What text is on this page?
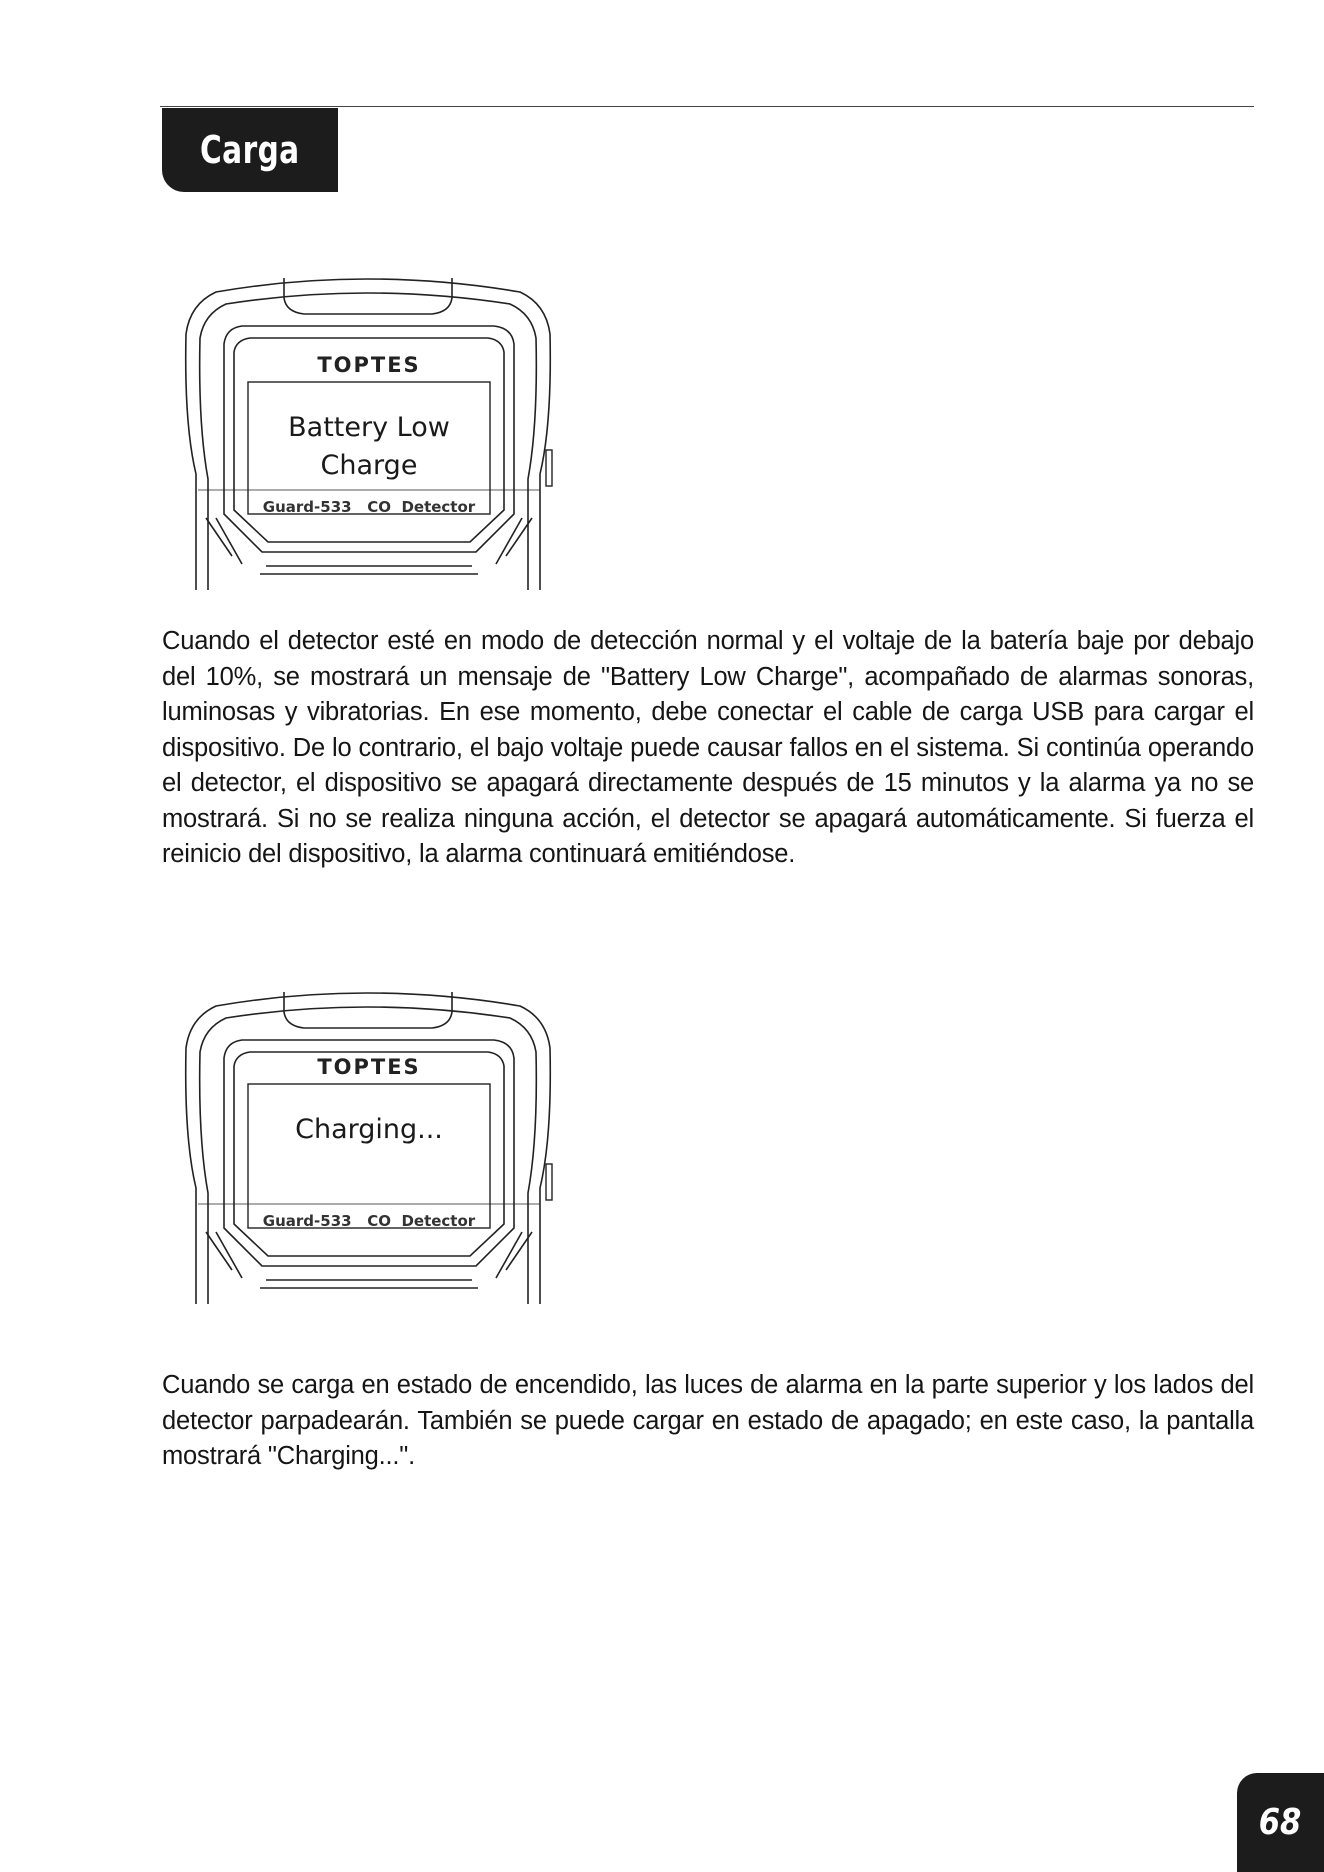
Carga
TOPTES
Battery Low
Charge
Guard-533   CO  Detector

Cuando el detector esté en modo de detección normal y el voltaje de la batería baje por debajo del 10%, se mostrará un mensaje de "Battery Low Charge", acompañado de alarmas sonoras, luminosas y vibratorias. En ese momento, debe conectar el cable de carga USB para cargar el dispositivo. De lo contrario, el bajo voltaje puede causar fallos en el sistema. Si continúa operando el detector, el dispositivo se apagará directamente después de 15 minutos y la alarma ya no se mostrará. Si no se realiza ninguna acción, el detector se apagará automáticamente. Si fuerza el reinicio del dispositivo, la alarma continuará emitiéndose.

TOPTES
Charging...
Guard-533   CO  Detector

Cuando se carga en estado de encendido, las luces de alarma en la parte superior y los lados del detector parpadearán. También se puede cargar en estado de apagado; en este caso, la pantalla mostrará "Charging...".

68
